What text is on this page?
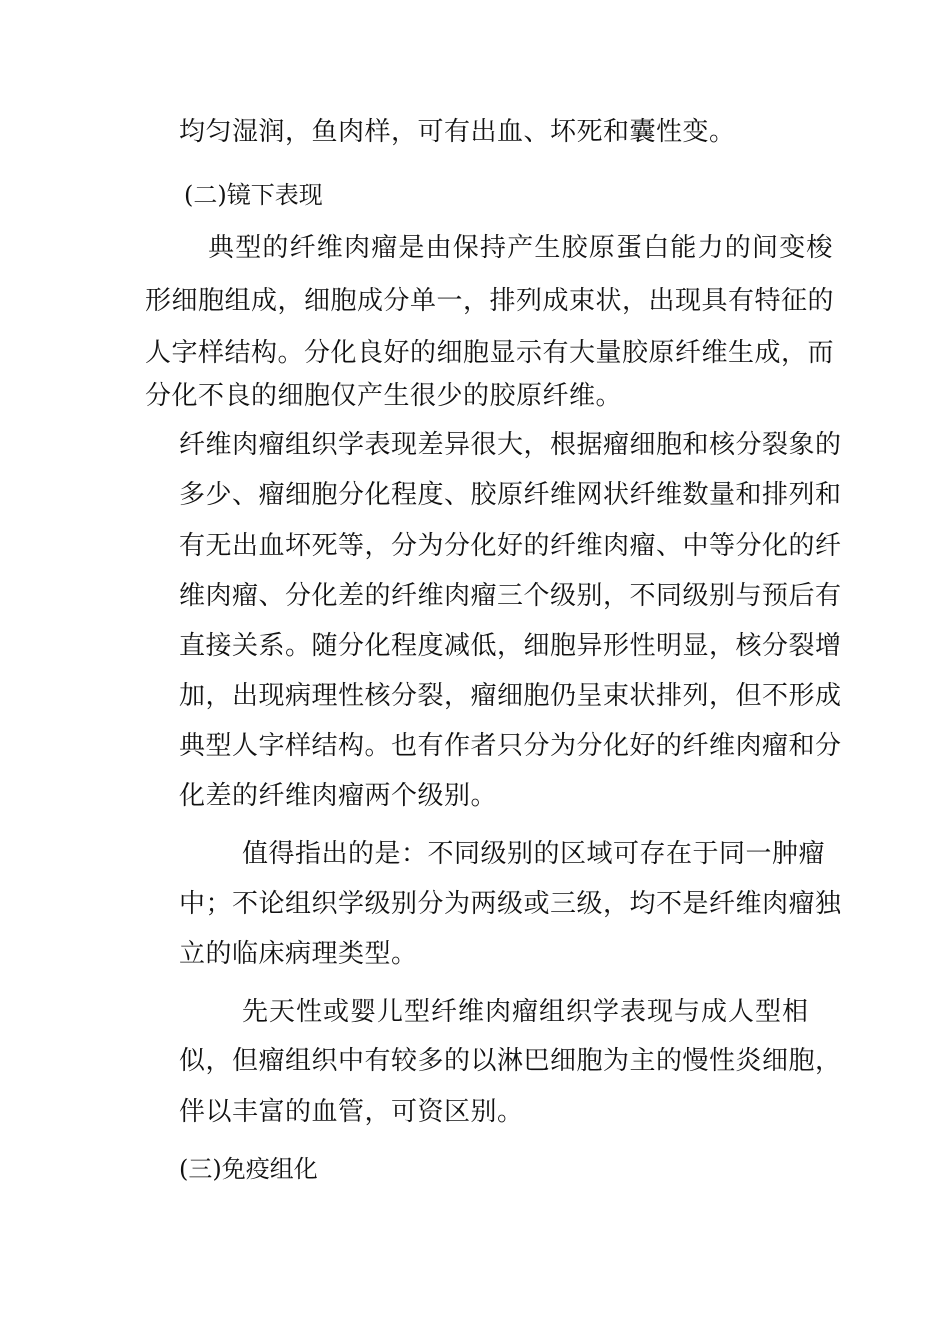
均匀湿润，鱼肉样，可有出血、坏死和囊性变。
(二)镜下表现
典型的纤维肉瘤是由保持产生胶原蛋白能力的间变梭
形细胞组成，细胞成分单一，排列成束状，出现具有特征的
人字样结构。分化良好的细胞显示有大量胶原纤维生成，而
分化不良的细胞仅产生很少的胶原纤维。
纤维肉瘤组织学表现差异很大，根据瘤细胞和核分裂象的
多少、瘤细胞分化程度、胶原纤维网状纤维数量和排列和
有无出血坏死等，分为分化好的纤维肉瘤、中等分化的纤
维肉瘤、分化差的纤维肉瘤三个级别，不同级别与预后有
直接关系。随分化程度减低，细胞异形性明显，核分裂增
加，出现病理性核分裂，瘤细胞仍呈束状排列，但不形成
典型人字样结构。也有作者只分为分化好的纤维肉瘤和分
化差的纤维肉瘤两个级别。
值得指出的是：不同级别的区域可存在于同一肿瘤
中；不论组织学级别分为两级或三级，均不是纤维肉瘤独
立的临床病理类型。
先天性或婴儿型纤维肉瘤组织学表现与成人型相
似，但瘤组织中有较多的以淋巴细胞为主的慢性炎细胞，
伴以丰富的血管，可资区别。
(三)免疫组化
